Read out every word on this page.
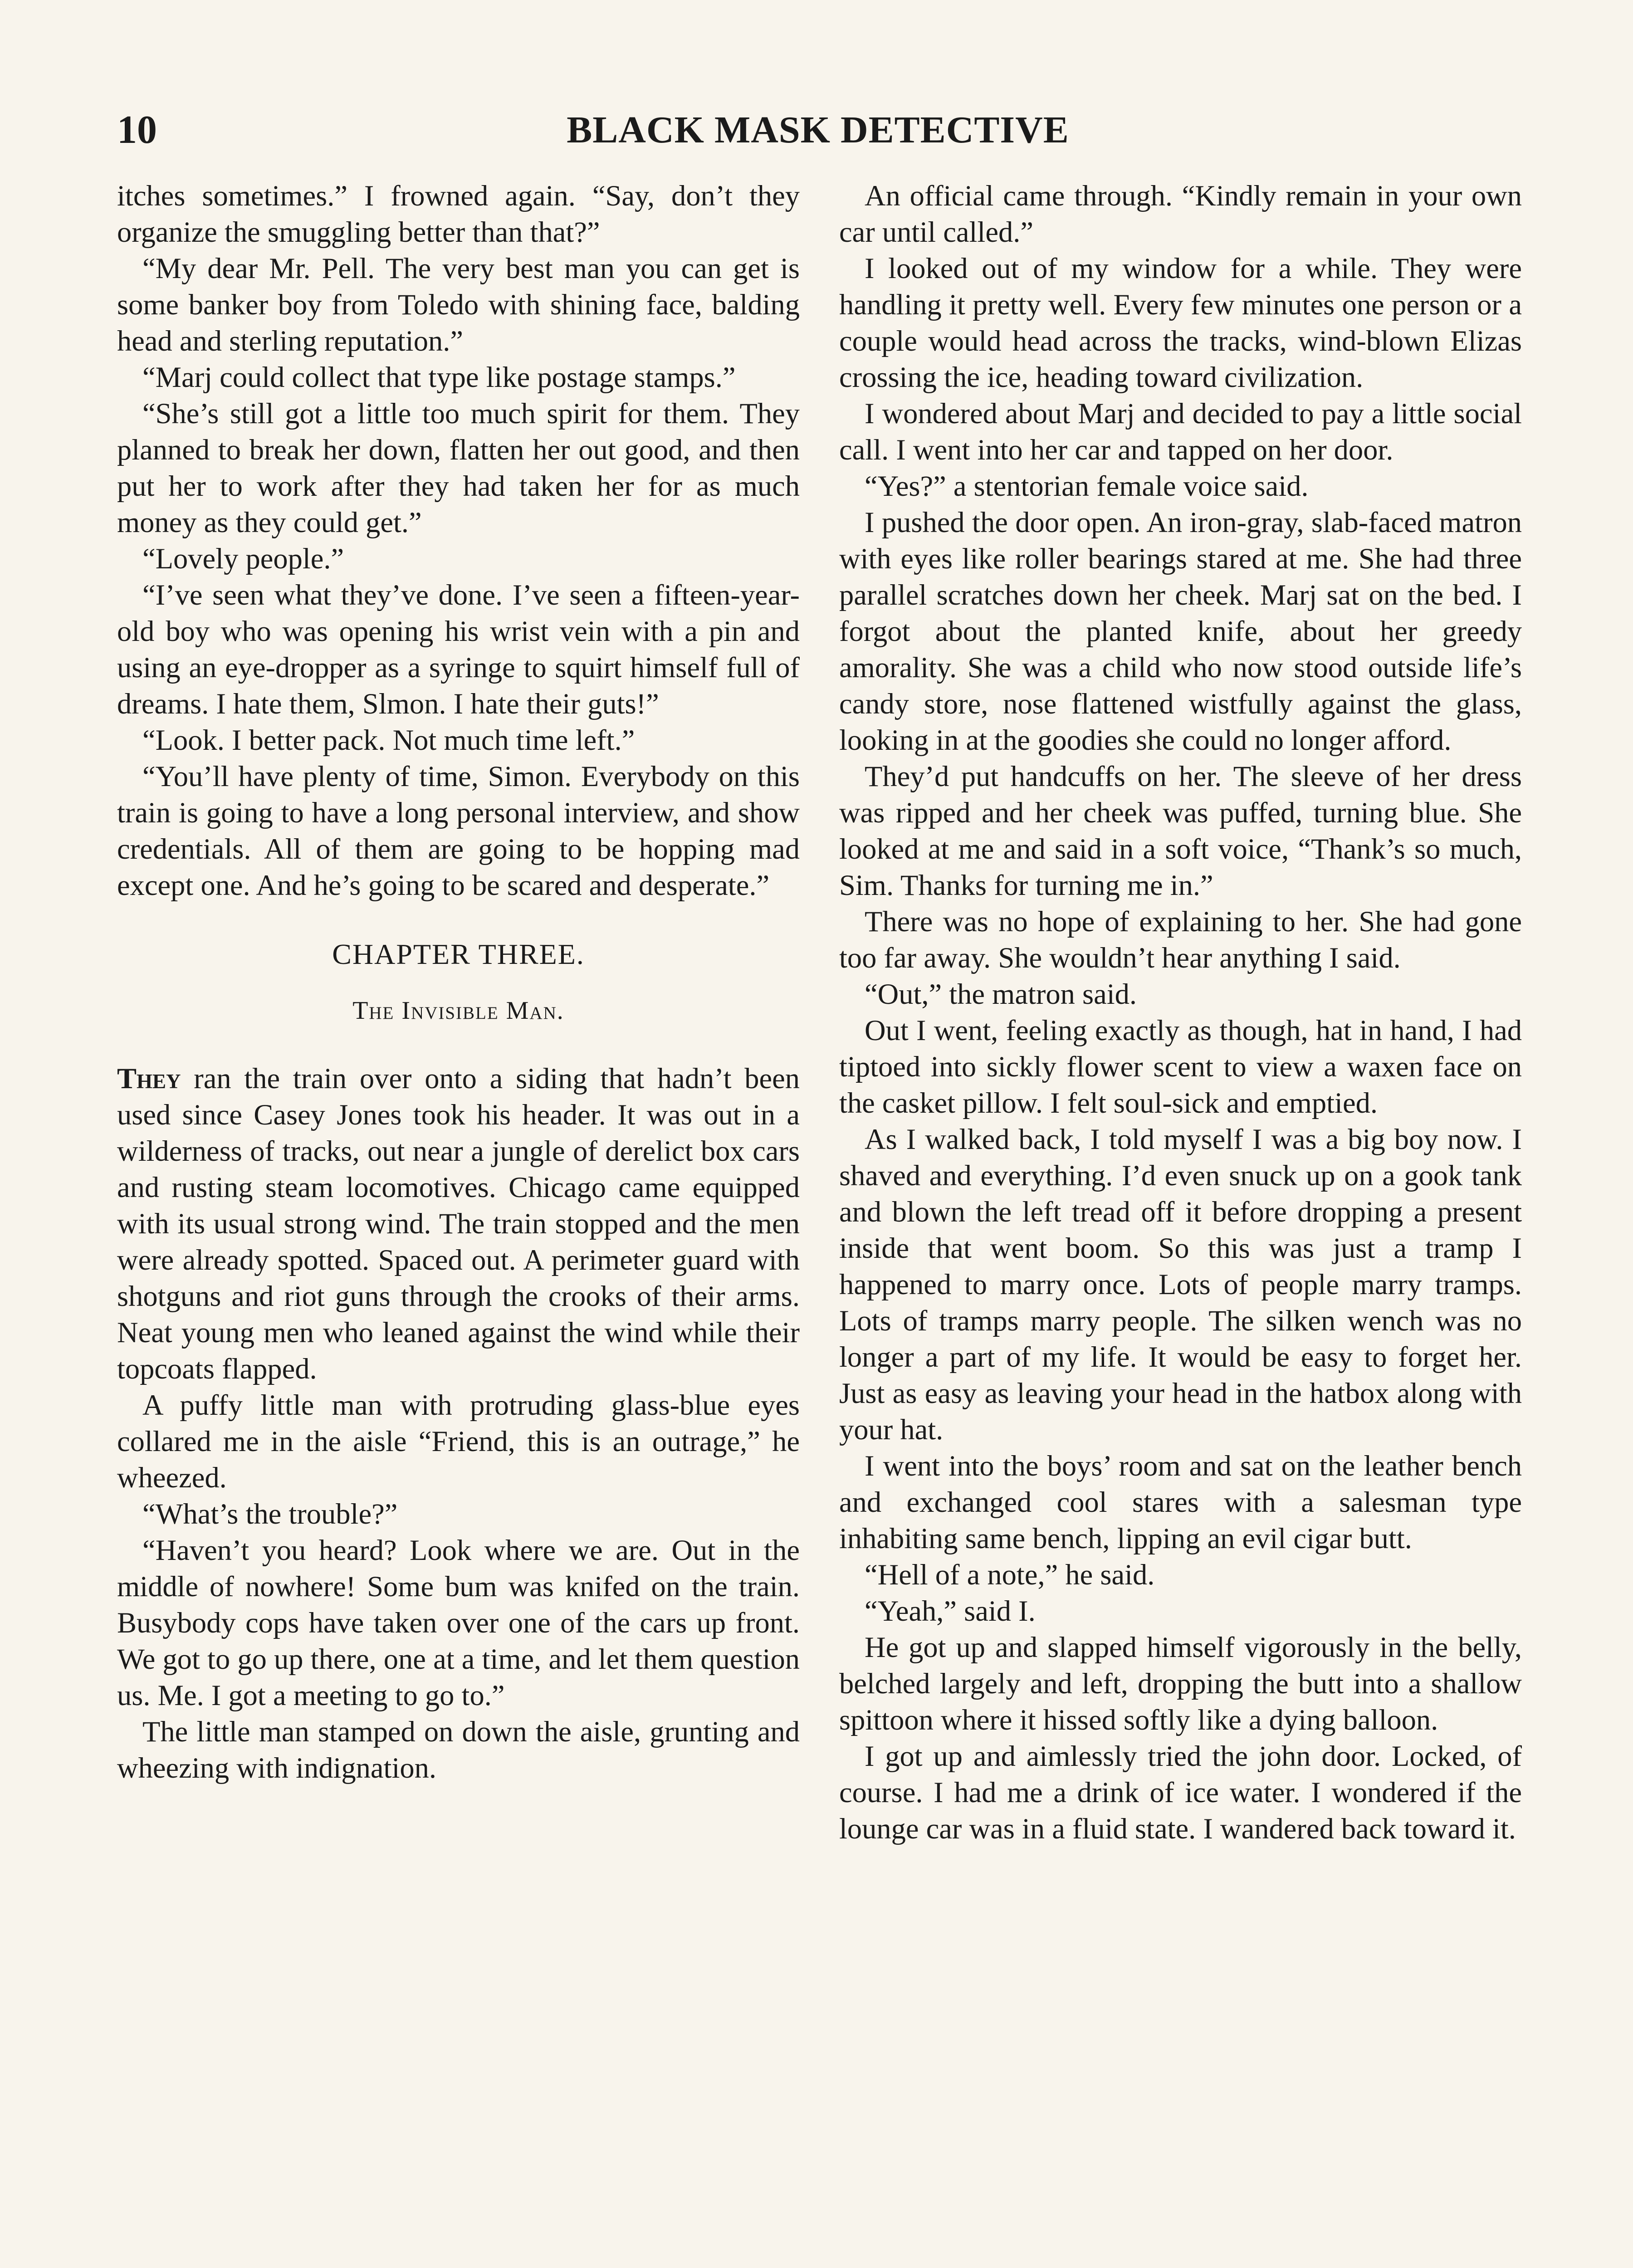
10	BLACK MASK DETECTIVE

itches sometimes.” I frowned again. “Say, don’t they organize the smuggling better than that?”

“My dear Mr. Pell. The very best man you can get is some banker boy from Toledo with shining face, balding head and sterling reputation.”

“Marj could collect that type like postage stamps.”

“She’s still got a little too much spirit for them. They planned to break her down, flatten her out good, and then put her to work after they had taken her for as much money as they could get.”

“Lovely people.”

“I’ve seen what they’ve done. I’ve seen a fifteen-year-old boy who was opening his wrist vein with a pin and using an eye-dropper as a syringe to squirt himself full of dreams. I hate them, Slmon. I hate their guts!”

“Look. I better pack. Not much time left.”

“You’ll have plenty of time, Simon. Everybody on this train is going to have a long personal interview, and show credentials. All of them are going to be hopping mad except one. And he’s going to be scared and desperate.”

CHAPTER THREE.
The Invisible Man.

They ran the train over onto a siding that hadn’t been used since Casey Jones took his header. It was out in a wilderness of tracks, out near a jungle of derelict box cars and rusting steam locomotives. Chicago came equipped with its usual strong wind. The train stopped and the men were already spotted. Spaced out. A perimeter guard with shotguns and riot guns through the crooks of their arms. Neat young men who leaned against the wind while their topcoats flapped.

A puffy little man with protruding glass-blue eyes collared me in the aisle “Friend, this is an outrage,” he wheezed.

“What’s the trouble?”

“Haven’t you heard? Look where we are. Out in the middle of nowhere! Some bum was knifed on the train. Busybody cops have taken over one of the cars up front. We got to go up there, one at a time, and let them question us. Me. I got a meeting to go to.”

The little man stamped on down the aisle, grunting and wheezing with indignation.

An official came through. “Kindly remain in your own car until called.”

I looked out of my window for a while. They were handling it pretty well. Every few minutes one person or a couple would head across the tracks, wind-blown Elizas crossing the ice, heading toward civilization.

I wondered about Marj and decided to pay a little social call. I went into her car and tapped on her door.

“Yes?” a stentorian female voice said.

I pushed the door open. An iron-gray, slab-faced matron with eyes like roller bearings stared at me. She had three parallel scratches down her cheek. Marj sat on the bed. I forgot about the planted knife, about her greedy amorality. She was a child who now stood outside life’s candy store, nose flattened wistfully against the glass, looking in at the goodies she could no longer afford.

They’d put handcuffs on her. The sleeve of her dress was ripped and her cheek was puffed, turning blue. She looked at me and said in a soft voice, “Thank’s so much, Sim. Thanks for turning me in.”

There was no hope of explaining to her. She had gone too far away. She wouldn’t hear anything I said.

“Out,” the matron said.

Out I went, feeling exactly as though, hat in hand, I had tiptoed into sickly flower scent to view a waxen face on the casket pillow. I felt soul-sick and emptied.

As I walked back, I told myself I was a big boy now. I shaved and everything. I’d even snuck up on a gook tank and blown the left tread off it before dropping a present inside that went boom. So this was just a tramp I happened to marry once. Lots of people marry tramps. Lots of tramps marry people. The silken wench was no longer a part of my life. It would be easy to forget her. Just as easy as leaving your head in the hatbox along with your hat.

I went into the boys’ room and sat on the leather bench and exchanged cool stares with a salesman type inhabiting same bench, lipping an evil cigar butt.

“Hell of a note,” he said.

“Yeah,” said I.

He got up and slapped himself vigorously in the belly, belched largely and left, dropping the butt into a shallow spittoon where it hissed softly like a dying balloon.

I got up and aimlessly tried the john door. Locked, of course. I had me a drink of ice water. I wondered if the lounge car was in a fluid state. I wandered back toward it.
